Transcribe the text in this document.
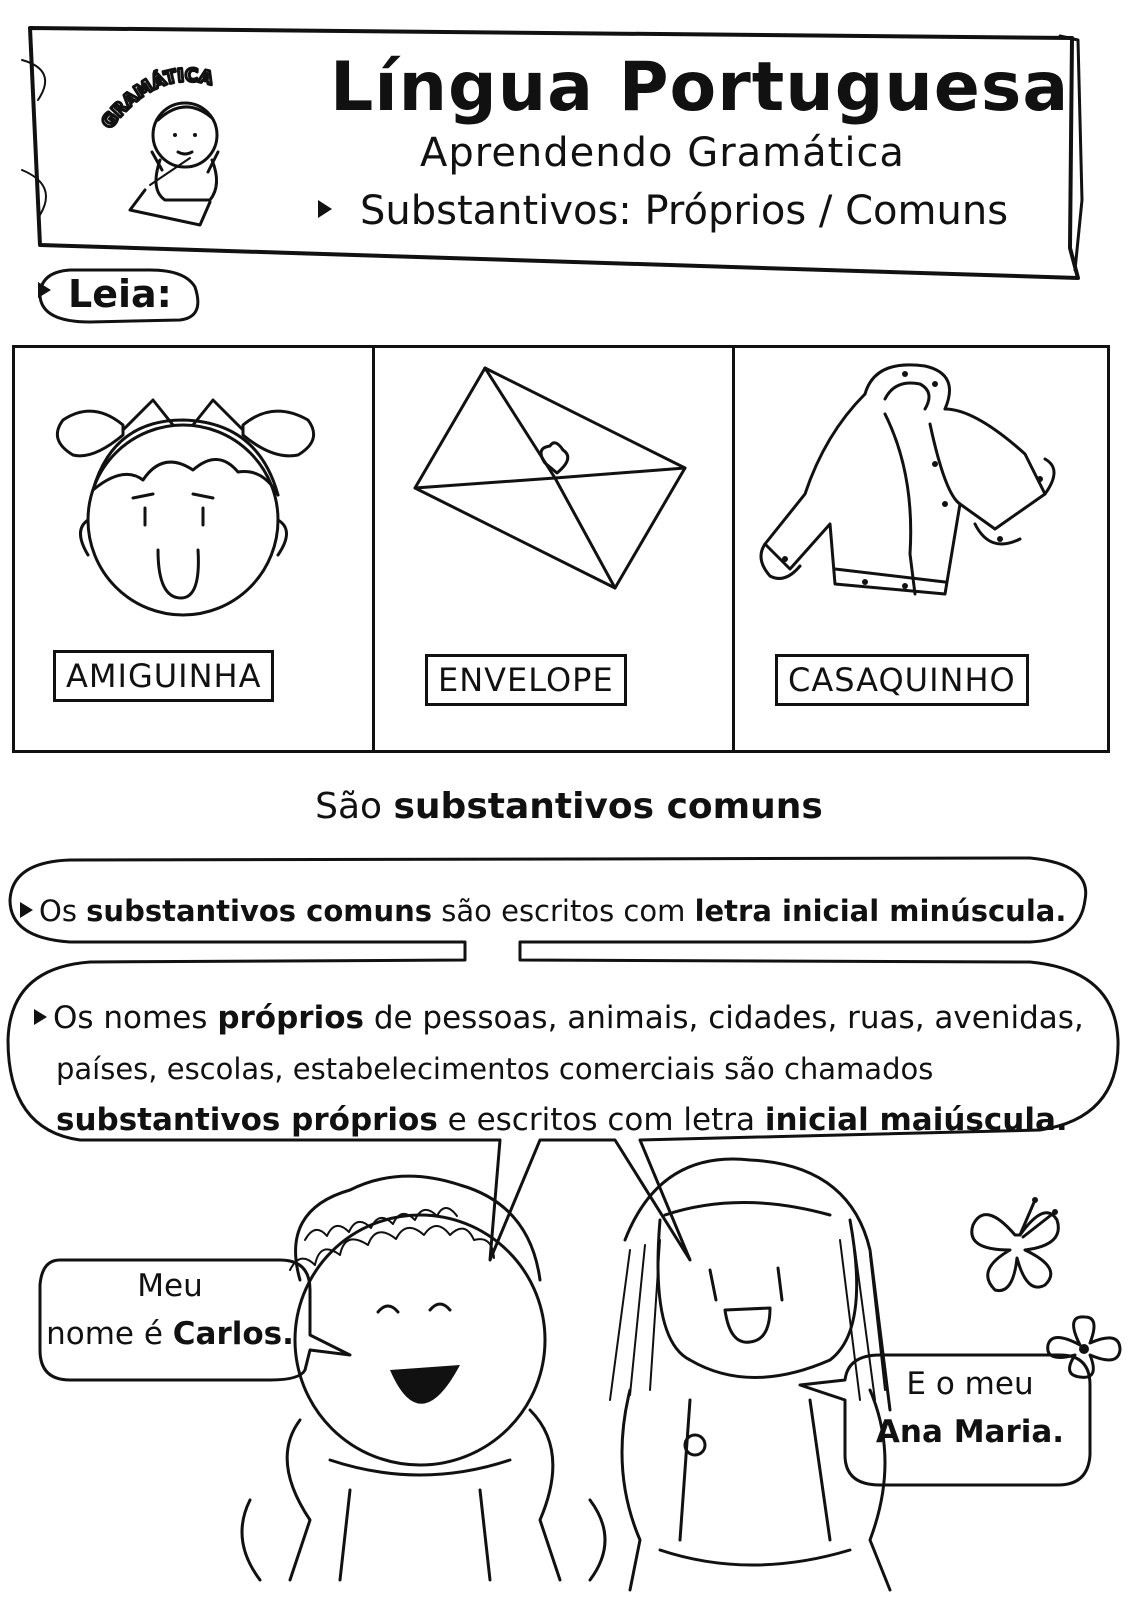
GRAMÁTICA Língua Portuguesa
Aprendendo Gramática
Substantivos: Próprios / Comuns
Leia:
AMIGUINHA	ENVELOPE	CASAQUINHO
São substantivos comuns
Os substantivos comuns são escritos com letra inicial minúscula.
Os nomes próprios de pessoas, animais, cidades, ruas, avenidas,
países, escolas, estabelecimentos comerciais são chamados
substantivos próprios e escritos com letra inicial maiúscula.
Meu
nome é Carlos.
E o meu
Ana Maria.
